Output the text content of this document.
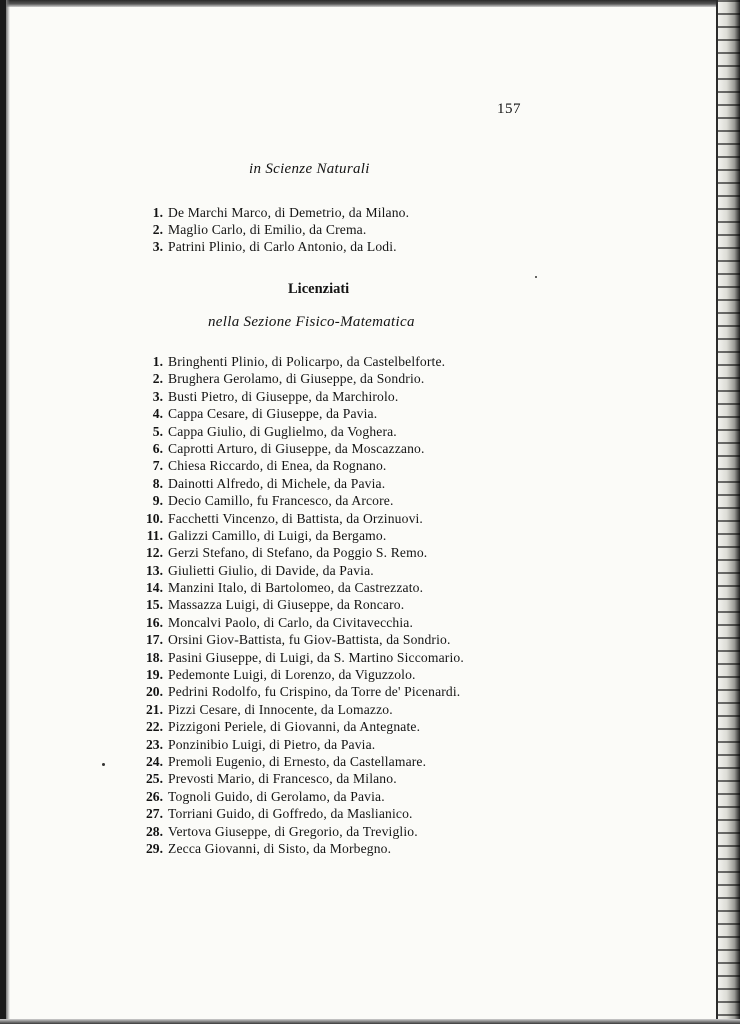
157
in Scienze Naturali
1. De Marchi Marco, di Demetrio, da Milano.
2. Maglio Carlo, di Emilio, da Crema.
3. Patrini Plinio, di Carlo Antonio, da Lodi.
Licenziati
nella Sezione Fisico-Matematica
1. Bringhenti Plinio, di Policarpo, da Castelbelforte.
2. Brughera Gerolamo, di Giuseppe, da Sondrio.
3. Busti Pietro, di Giuseppe, da Marchirolo.
4. Cappa Cesare, di Giuseppe, da Pavia.
5. Cappa Giulio, di Guglielmo, da Voghera.
6. Caprotti Arturo, di Giuseppe, da Moscazzano.
7. Chiesa Riccardo, di Enea, da Rognano.
8. Dainotti Alfredo, di Michele, da Pavia.
9. Decio Camillo, fu Francesco, da Arcore.
10. Facchetti Vincenzo, di Battista, da Orzinuovi.
11. Galizzi Camillo, di Luigi, da Bergamo.
12. Gerzi Stefano, di Stefano, da Poggio S. Remo.
13. Giulietti Giulio, di Davide, da Pavia.
14. Manzini Italo, di Bartolomeo, da Castrezzato.
15. Massazza Luigi, di Giuseppe, da Roncaro.
16. Moncalvi Paolo, di Carlo, da Civitavecchia.
17. Orsini Giov-Battista, fu Giov-Battista, da Sondrio.
18. Pasini Giuseppe, di Luigi, da S. Martino Siccomario.
19. Pedemonte Luigi, di Lorenzo, da Viguzzolo.
20. Pedrini Rodolfo, fu Crispino, da Torre de' Picenardi.
21. Pizzi Cesare, di Innocente, da Lomazzo.
22. Pizzigoni Periele, di Giovanni, da Antegnate.
23. Ponzinibio Luigi, di Pietro, da Pavia.
24. Premoli Eugenio, di Ernesto, da Castellamare.
25. Prevosti Mario, di Francesco, da Milano.
26. Tognoli Guido, di Gerolamo, da Pavia.
27. Torriani Guido, di Goffredo, da Maslianico.
28. Vertova Giuseppe, di Gregorio, da Treviglio.
29. Zecca Giovanni, di Sisto, da Morbegno.
